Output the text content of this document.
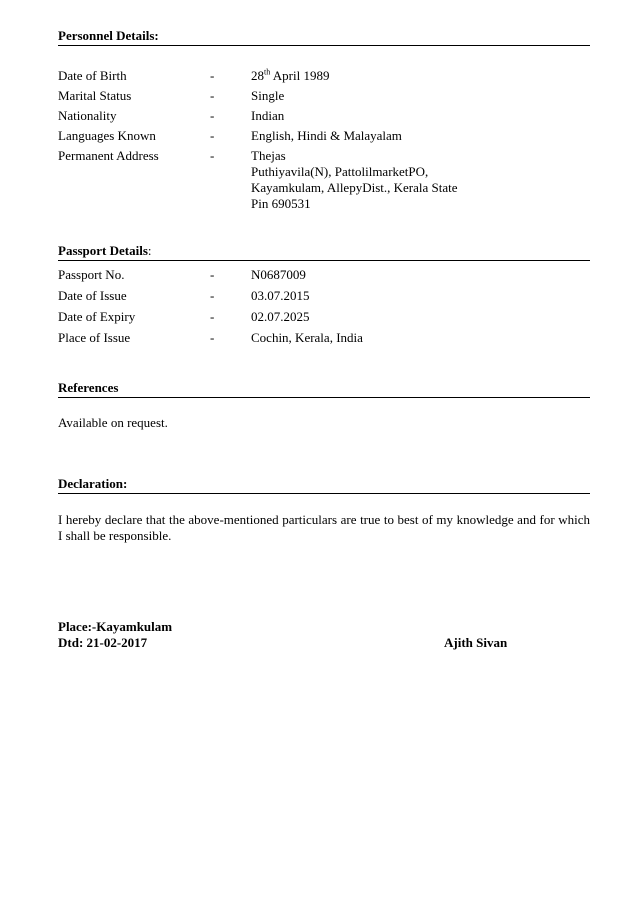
Personnel Details:
Date of Birth	-	28th April 1989
Marital Status	-	Single
Nationality	-	Indian
Languages Known	-	English, Hindi & Malayalam
Permanent Address	-	Thejas
Puthiyavila(N), PattolilmarketPO,
Kayamkulam, AllepyDist., Kerala State
Pin 690531
Passport Details:
Passport No.	-	N0687009
Date of Issue	-	03.07.2015
Date of Expiry	-	02.07.2025
Place of Issue	-	Cochin, Kerala, India
References
Available on request.
Declaration:
I hereby declare that the above-mentioned particulars are true to best of my knowledge and for which I shall be responsible.
Place:-Kayamkulam
Dtd: 21-02-2017	Ajith Sivan
